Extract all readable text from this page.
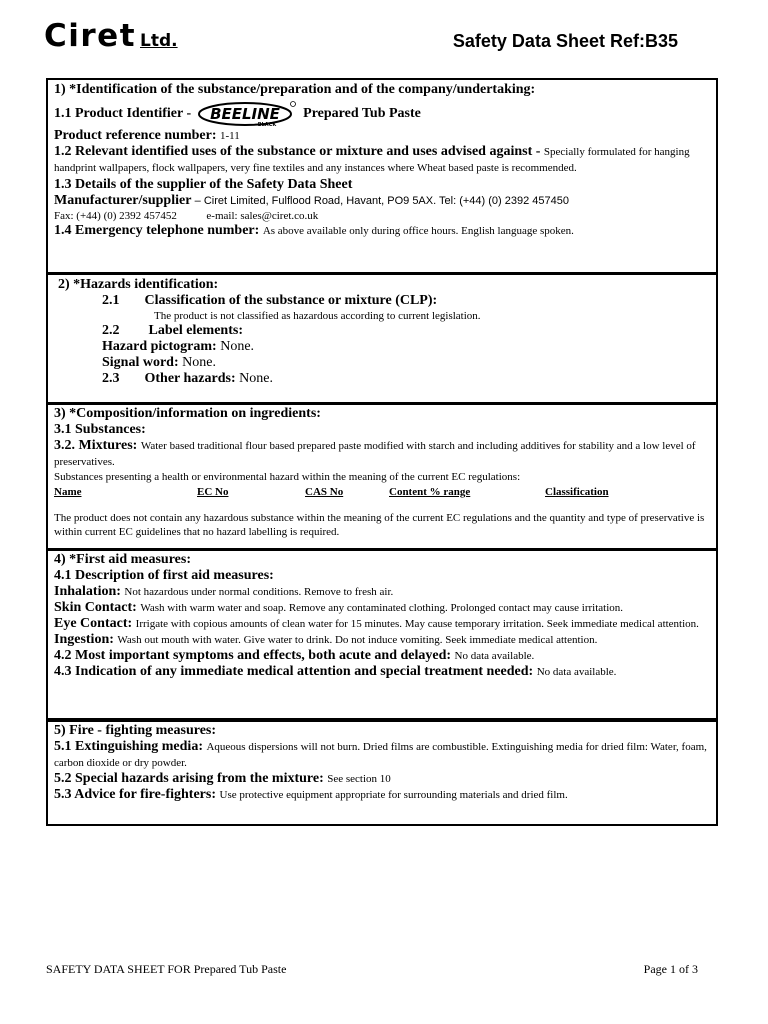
Ciret Ltd.	Safety Data Sheet Ref:B35
1) *Identification of the substance/preparation and of the company/undertaking:
1.1 Product Identifier - BEELINE
BLACK
Prepared Tub Paste
Product reference number: 1-11
1.2 Relevant identified uses of the substance or mixture and uses advised against - Specially formulated for hanging handprint wallpapers, flock wallpapers, very fine textiles and any instances where Wheat based paste is recommended.
1.3 Details of the supplier of the Safety Data Sheet
Manufacturer/supplier – Ciret Limited, Fulflood Road, Havant, PO9 5AX. Tel: (+44) (0) 2392 457450
Fax: (+44) (0) 2392 457452	e-mail: sales@ciret.co.uk
1.4 Emergency telephone number: As above available only during office hours. English language spoken.
2) *Hazards identification:
2.1 Classification of the substance or mixture (CLP):
The product is not classified as hazardous according to current legislation.
2.2 Label elements:
Hazard pictogram: None.
Signal word: None.
2.3 Other hazards: None.
3) *Composition/information on ingredients:
3.1 Substances:
3.2. Mixtures: Water based traditional flour based prepared paste modified with starch and including additives for stability and a low level of preservatives.
Substances presenting a health or environmental hazard within the meaning of the current EC regulations:
Name	EC No	CAS No	Content % range	Classification
The product does not contain any hazardous substance within the meaning of the current EC regulations and the quantity and type of preservative is within current EC guidelines that no hazard labelling is required.
4) *First aid measures:
4.1 Description of first aid measures:
Inhalation: Not hazardous under normal conditions. Remove to fresh air.
Skin Contact: Wash with warm water and soap. Remove any contaminated clothing. Prolonged contact may cause irritation.
Eye Contact: Irrigate with copious amounts of clean water for 15 minutes. May cause temporary irritation. Seek immediate medical attention.
Ingestion: Wash out mouth with water. Give water to drink. Do not induce vomiting. Seek immediate medical attention.
4.2 Most important symptoms and effects, both acute and delayed: No data available.
4.3 Indication of any immediate medical attention and special treatment needed: No data available.
5) Fire - fighting measures:
5.1 Extinguishing media: Aqueous dispersions will not burn. Dried films are combustible. Extinguishing media for dried film: Water, foam, carbon dioxide or dry powder.
5.2 Special hazards arising from the mixture: See section 10
5.3 Advice for fire-fighters: Use protective equipment appropriate for surrounding materials and dried film.
SAFETY DATA SHEET FOR Prepared Tub Paste	Page 1 of 3
